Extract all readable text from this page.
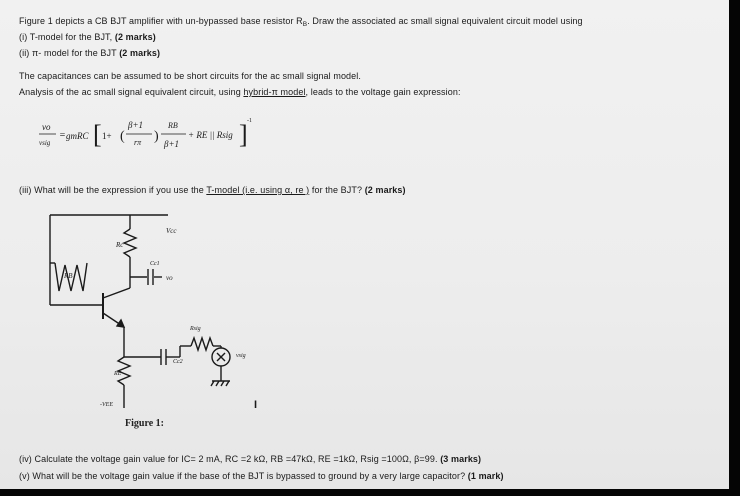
Figure 1 depicts a CB BJT amplifier with un-bypassed base resistor $R_B$. Draw the associated ac small signal equivalent circuit model using
(i) T-model for the BJT, (2 marks)
(ii) π- model for the BJT (2 marks)
The capacitances can be assumed to be short circuits for the ac small signal model.
Analysis of the ac small signal equivalent circuit, using hybrid-π model, leads to the voltage gain expression:
vo
vsig
= gmRC [ 1+ (
β+1
rπ )
RB
β+1
+ RE || Rsig ] -1
(iii) What will be the expression if you use the T-model (i.e. using α, re ) for the BJT? (2 marks)
Vcc
Rc
Cc1
vo
RB
Cc2
Rsig
vsig
RE
-VEE	I
Figure 1:
(iv) Calculate the voltage gain value for IC= 2 mA, RC =2 kΩ, RB =47kΩ, RE =1kΩ, Rsig =100Ω, β=99. (3 marks)
(v) What will be the voltage gain value if the base of the BJT is bypassed to ground by a very large capacitor? (1 mark)
